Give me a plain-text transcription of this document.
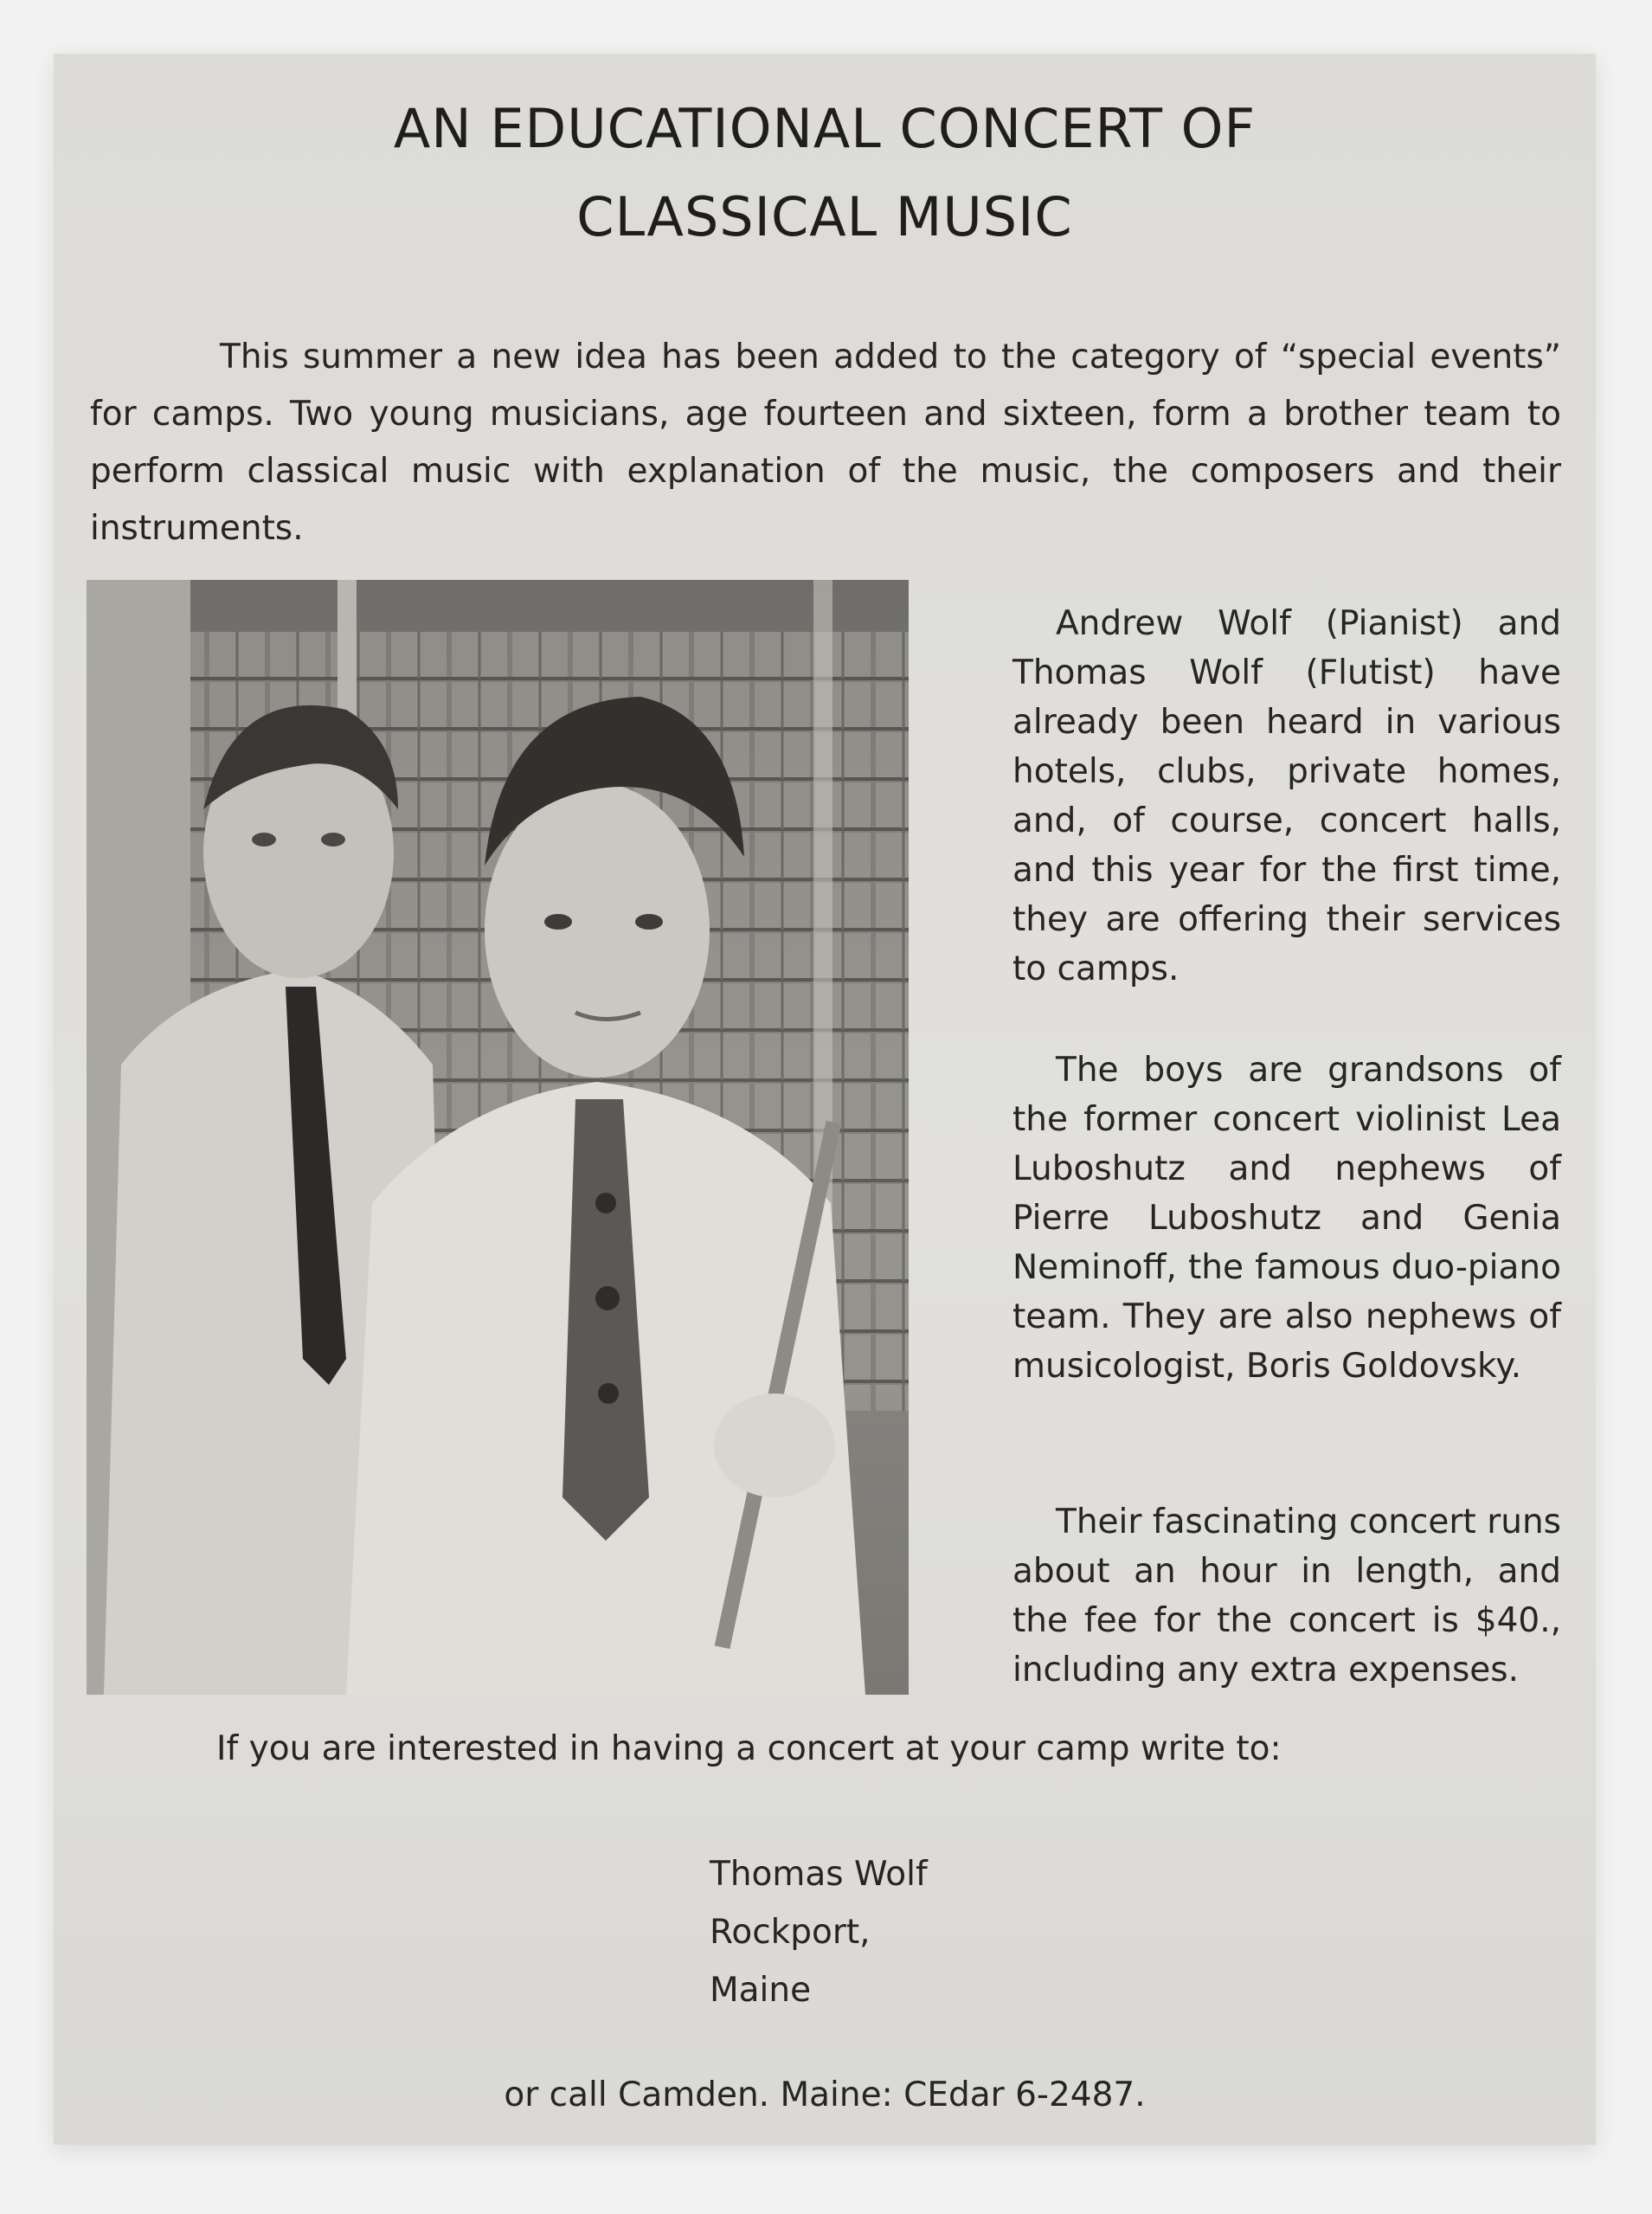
AN EDUCATIONAL CONCERT OF
CLASSICAL MUSIC

This summer a new idea has been added to the category of “special events” for camps. Two young musicians, age fourteen and sixteen, form a brother team to perform classical music with explanation of the music, the composers and their instruments.

Andrew Wolf (Pianist) and Thomas Wolf (Flutist) have already been heard in various hotels, clubs, private homes, and, of course, concert halls, and this year for the first time, they are offering their services to camps.

The boys are grandsons of the former concert violinist Lea Luboshutz and nephews of Pierre Luboshutz and Genia Neminoff, the famous duo-piano team. They are also nephews of musicologist, Boris Goldovsky.

Their fascinating concert runs about an hour in length, and the fee for the concert is $40., including any extra expenses.

If you are interested in having a concert at your camp write to:

Thomas Wolf
Rockport,
Maine

or call Camden. Maine: CEdar 6-2487.
